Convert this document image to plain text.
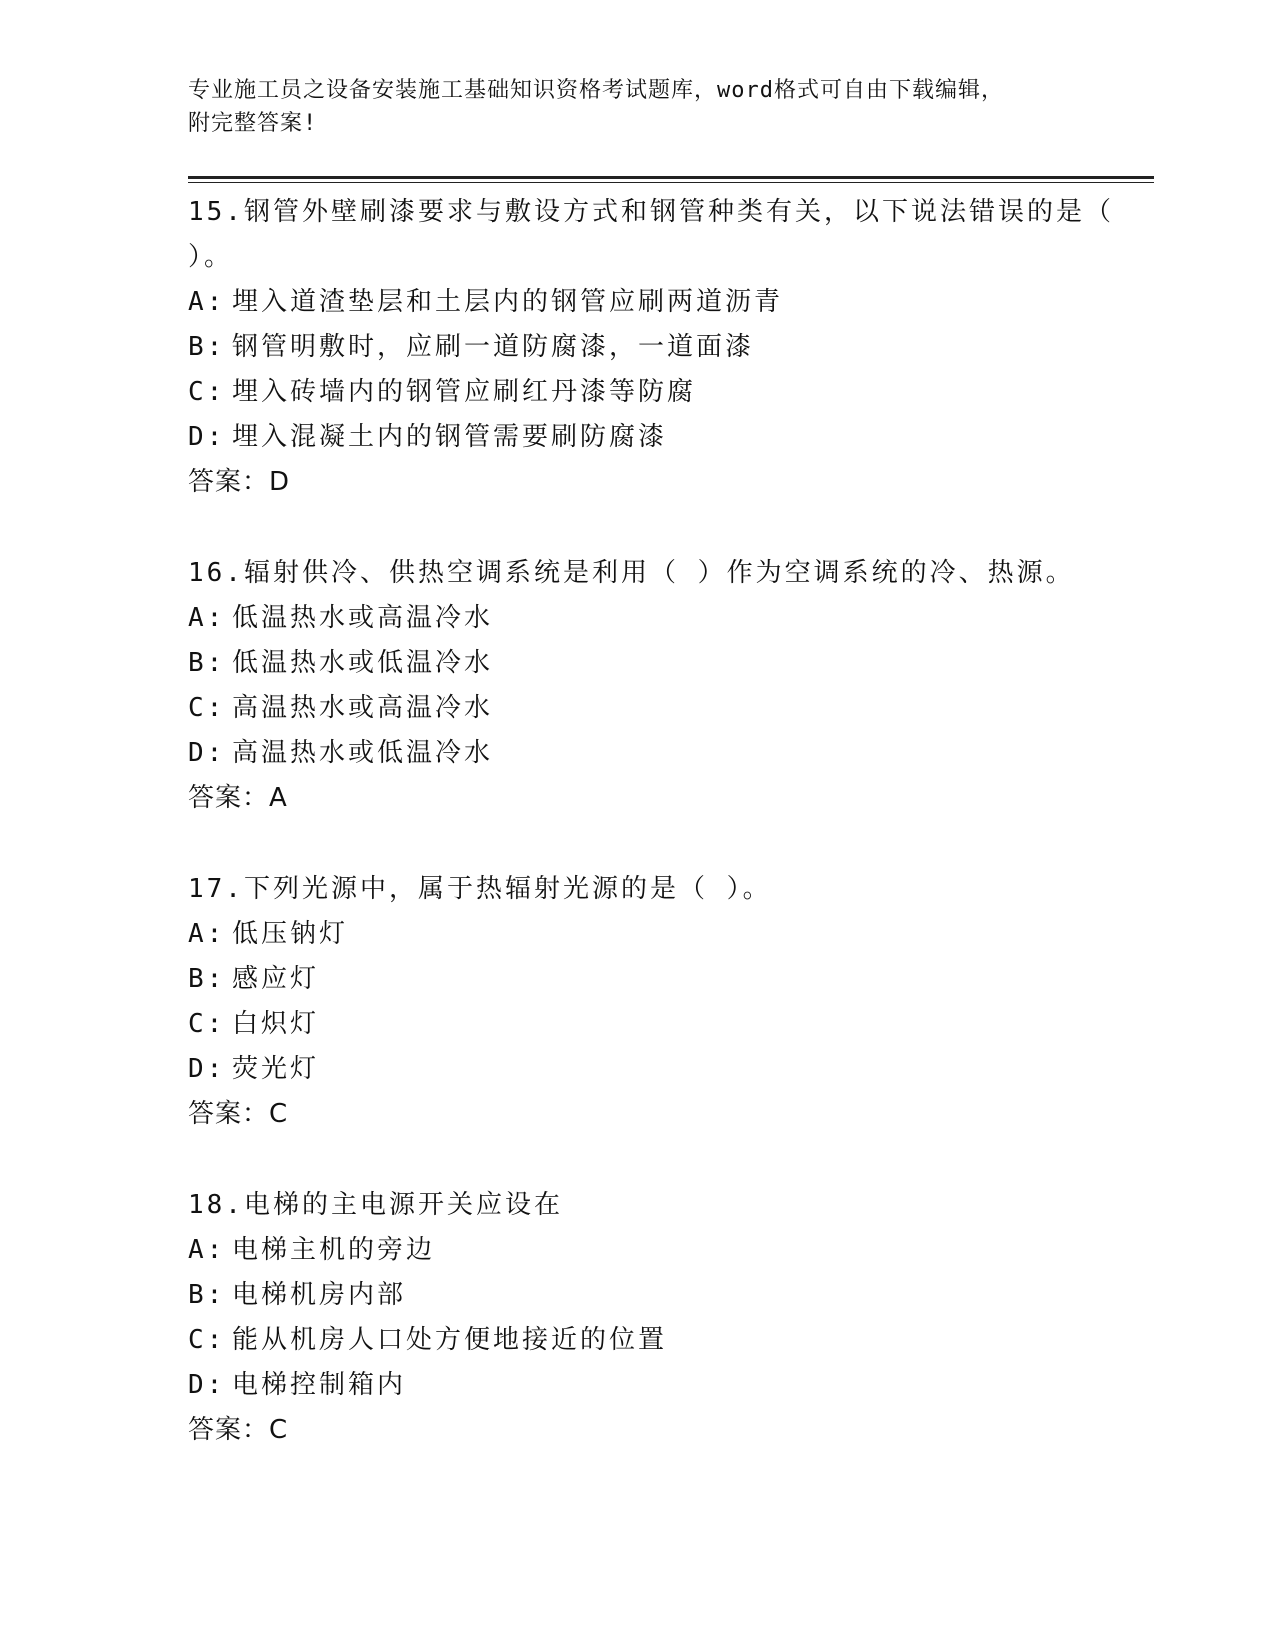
专业施工员之设备安装施工基础知识资格考试题库，word格式可自由下载编辑，
附完整答案!

15.钢管外壁刷漆要求与敷设方式和钢管种类有关，以下说法错误的是（ ）。

A: 埋入道渣垫层和土层内的钢管应刷两道沥青
B: 钢管明敷时，应刷一道防腐漆，一道面漆
C: 埋入砖墙内的钢管应刷红丹漆等防腐
D: 埋入混凝土内的钢管需要刷防腐漆
答案：D

16.辐射供冷、供热空调系统是利用（ ）作为空调系统的冷、热源。

A: 低温热水或高温冷水
B: 低温热水或低温冷水
C: 高温热水或高温冷水
D: 高温热水或低温冷水
答案：A

17.下列光源中，属于热辐射光源的是（ ）。

A: 低压钠灯
B: 感应灯
C: 白炽灯
D: 荧光灯
答案：C

18.电梯的主电源开关应设在

A: 电梯主机的旁边
B: 电梯机房内部
C: 能从机房人口处方便地接近的位置
D: 电梯控制箱内
答案：C
